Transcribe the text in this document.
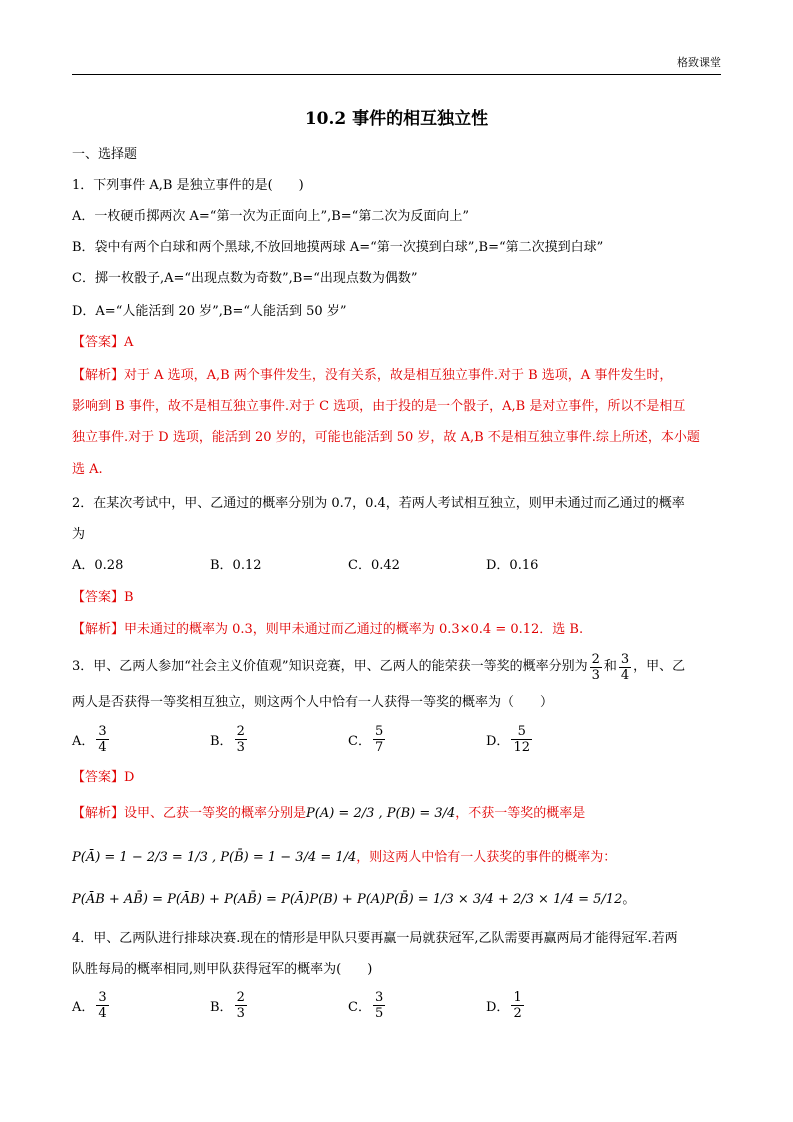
格致课堂
10.2 事件的相互独立性
一、选择题
1．下列事件 A,B 是独立事件的是(　　)
A．一枚硬币掷两次 A=“第一次为正面向上”,B=“第二次为反面向上”
B．袋中有两个白球和两个黑球,不放回地摸两球 A=“第一次摸到白球”,B=“第二次摸到白球”
C．掷一枚骰子,A=“出现点数为奇数”,B=“出现点数为偶数”
D．A=“人能活到 20 岁”,B=“人能活到 50 岁”
【答案】A
【解析】对于 A 选项，A,B 两个事件发生，没有关系，故是相互独立事件.对于 B 选项，A 事件发生时，
影响到 B 事件，故不是相互独立事件.对于 C 选项，由于投的是一个骰子，A,B 是对立事件，所以不是相互
独立事件.对于 D 选项，能活到 20 岁的，可能也能活到 50 岁，故 A,B 不是相互独立事件.综上所述，本小题
选 A.
2．在某次考试中，甲、乙通过的概率分别为 0.7，0.4，若两人考试相互独立，则甲未通过而乙通过的概率
为
A．0.28	B．0.12	C．0.42	D．0.16
【答案】B
【解析】甲未通过的概率为 0.3，则甲未通过而乙通过的概率为 0.3×0.4 = 0.12．选 B.
3．甲、乙两人参加“社会主义价值观”知识竞赛，甲、乙两人的能荣获一等奖的概率分别为 $\frac{2}{3}$ 和 $\frac{3}{4}$ ，甲、乙
两人是否获得一等奖相互独立，则这两个人中恰有一人获得一等奖的概率为（　　）
A． $\frac{3}{4}$	B． $\frac{2}{3}$	C． $\frac{5}{7}$	D． $\frac{5}{12}$
【答案】D
【解析】设甲、乙获一等奖的概率分别是P(A) = 2/3 , P(B) = 3/4，不获一等奖的概率是
P(Ā) = 1 − 2/3 = 1/3 , P(B̄) = 1 − 3/4 = 1/4，则这两人中恰有一人获奖的事件的概率为：
P(ĀB + AB̄) = P(ĀB) + P(AB̄) = P(Ā)P(B) + P(A)P(B̄) = 1/3 × 3/4 + 2/3 × 1/4 = 5/12。
4．甲、乙两队进行排球决赛.现在的情形是甲队只要再赢一局就获冠军,乙队需要再赢两局才能得冠军.若两
队胜每局的概率相同,则甲队获得冠军的概率为(　　)
A． $\frac{3}{4}$	B． $\frac{2}{3}$	C． $\frac{3}{5}$	D． $\frac{1}{2}$
